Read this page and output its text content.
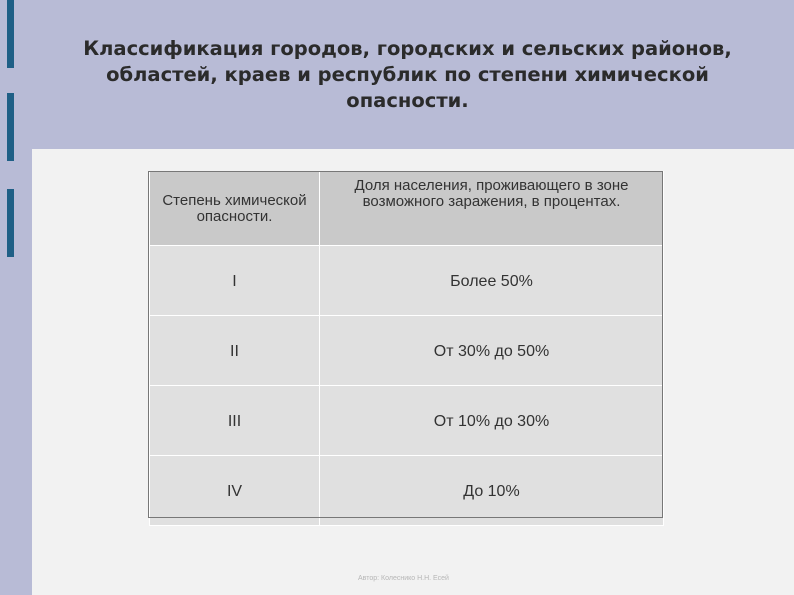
Классификация городов, городских и сельских районов,
областей, краев и республик по степени химической
опасности.
Степень химической опасности.	Доля населения, проживающего в зоне возможного заражения, в процентах.
I	Более 50%
II	От 30% до 50%
III	От 10% до 30%
IV	До 10%
Автор: Колеснико Н.Н. Есей
